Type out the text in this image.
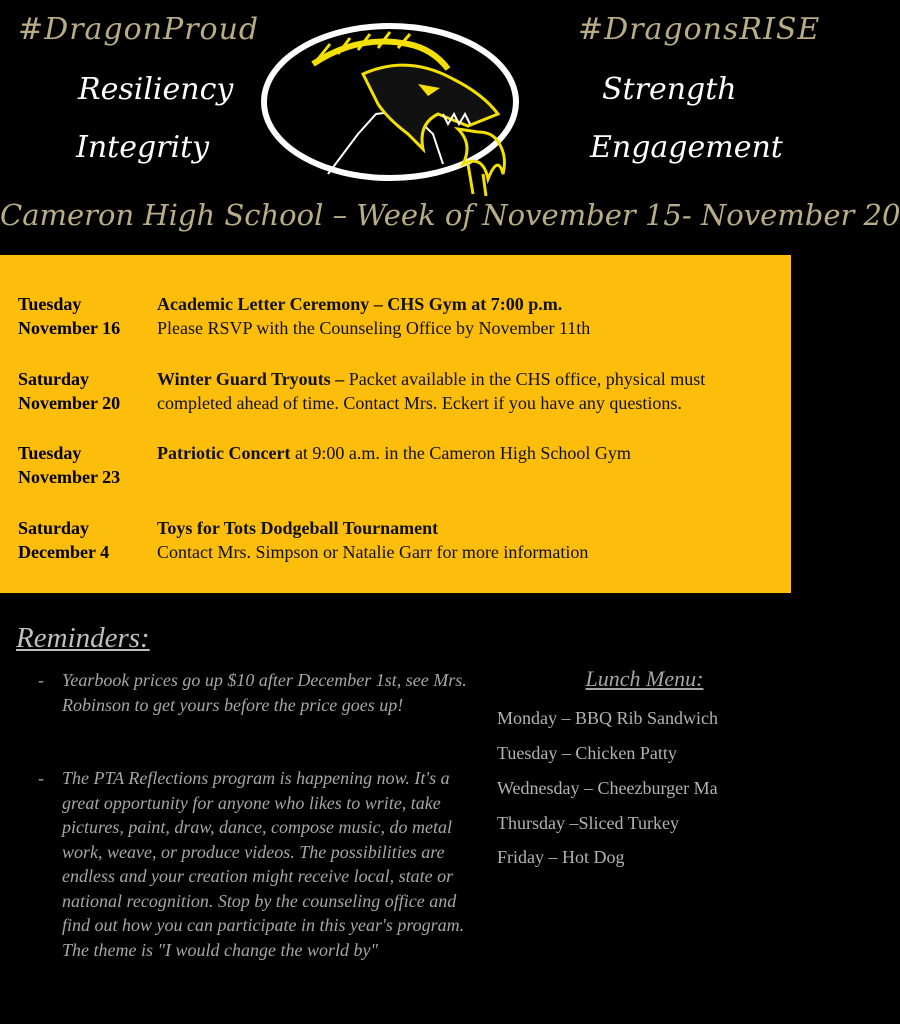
#DragonProud	#DragonsRISE
Resiliency
Integrity
Strength
Engagement
Cameron High School – Week of November 15- November 20
Tuesday
November 16
Academic Letter Ceremony – CHS Gym at 7:00 p.m.
Please RSVP with the Counseling Office by November 11th
Saturday
November 20
Winter Guard Tryouts – Packet available in the CHS office, physical must completed ahead of time. Contact Mrs. Eckert if you have any questions.
Tuesday
November 23
Patriotic Concert at 9:00 a.m. in the Cameron High School Gym
Saturday
December 4
Toys for Tots Dodgeball Tournament
Contact Mrs. Simpson or Natalie Garr for more information
Reminders:
- Yearbook prices go up $10 after December 1st, see Mrs. Robinson to get yours before the price goes up!
- The PTA Reflections program is happening now. It's a great opportunity for anyone who likes to write, take pictures, paint, draw, dance, compose music, do metal work, weave, or produce videos. The possibilities are endless and your creation might receive local, state or national recognition. Stop by the counseling office and find out how you can participate in this year's program. The theme is "I would change the world by"
Lunch Menu:
Monday – BBQ Rib Sandwich
Tuesday – Chicken Patty
Wednesday – Cheezburger Ma
Thursday –Sliced Turkey
Friday – Hot Dog
